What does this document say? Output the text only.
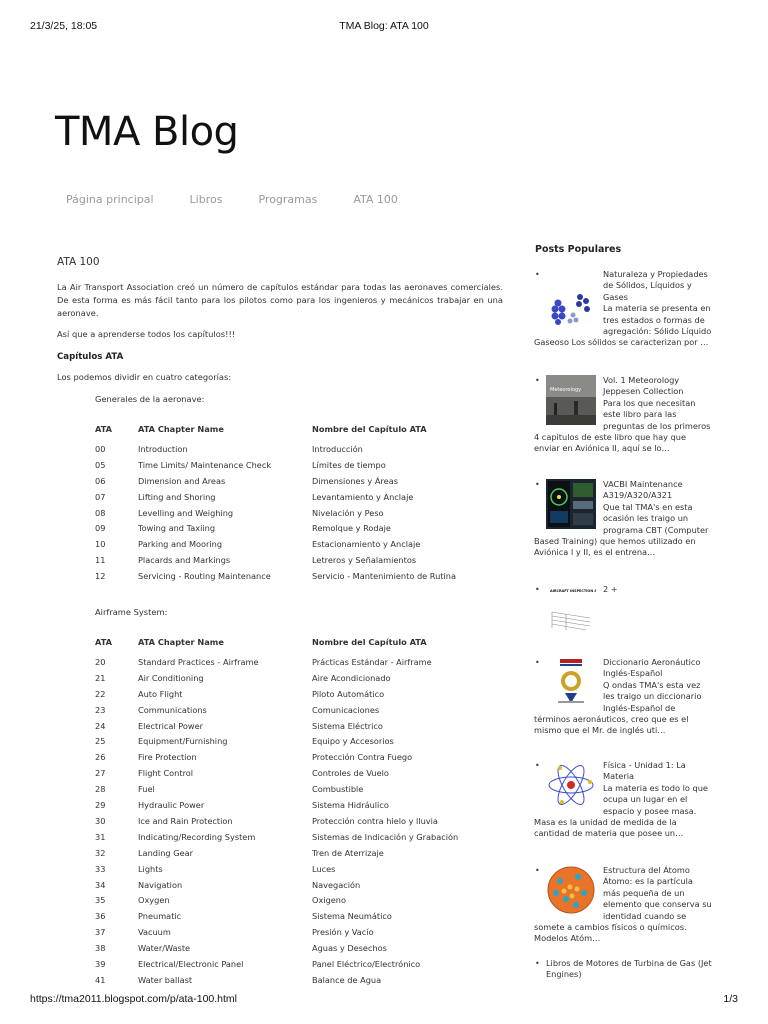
21/3/25, 18:05	TMA Blog: ATA 100
TMA Blog
Página principal	Libros	Programas	ATA 100
ATA 100

La Air Transport Association creó un número de capítulos estándar para todas las aeronaves comerciales. De esta forma es más fácil tanto para los pilotos como para los ingenieros y mecánicos trabajar en una aeronave.

Así que a aprenderse todos los capítulos!!!

Capítulos ATA

Los podemos dividir en cuatro categorías:

Generales de la aeronave:
ATA	ATA Chapter Name	Nombre del Capítulo ATA
00	Introduction	Introducción
05	Time Limits/ Maintenance Check	Límites de tiempo
06	Dimension and Areas	Dimensiones y Áreas
07	Lifting and Shoring	Levantamiento y Anclaje
08	Levelling and Weighing	Nivelación y Peso
09	Towing and Taxiing	Remolque y Rodaje
10	Parking and Mooring	Estacionamiento y Anclaje
11	Placards and Markings	Letreros y Señalamientos
12	Servicing - Routing Maintenance	Servicio - Mantenimiento de Rutina
Airframe System:
ATA	ATA Chapter Name	Nombre del Capítulo ATA
20	Standard Practices - Airframe	Prácticas Estándar - Airframe
21	Air Conditioning	Aire Acondicionado
22	Auto Flight	Piloto Automático
23	Communications	Comunicaciones
24	Electrical Power	Sistema Eléctrico
25	Equipment/Furnishing	Equipo y Accesorios
26	Fire Protection	Protección Contra Fuego
27	Flight Control	Controles de Vuelo
28	Fuel	Combustible
29	Hydraulic Power	Sistema Hidráulico
30	Ice and Rain Protection	Protección contra hielo y lluvia
31	Indicating/Recording System	Sistemas de Indicación y Grabación
32	Landing Gear	Tren de Aterrizaje
33	Lights	Luces
34	Navigation	Navegación
35	Oxygen	Oxigeno
36	Pneumatic	Sistema Neumático
37	Vacuum	Presión y Vacío
38	Water/Waste	Aguas y Desechos
39	Electrical/Electronic Panel	Panel Eléctrico/Electrónico
41	Water ballast	Balance de Agua
Posts Populares
•	Naturaleza y Propiedades de Sólidos, Líquidos y Gases
La materia se presenta en tres estados o formas de agregación: Sólido Líquido Gaseoso Los sólidos se caracterizan por …
•
Meteorology
Vol. 1 Meteorology Jeppesen Collection
Para los que necesitan este libro para las preguntas de los primeros 4 capitulos de este libro que hay que enviar en Aviónica II, aquí se lo…
•	VACBI Maintenance A319/A320/A321
Que tal TMA's en esta ocasión les traigo un programa CBT (Computer Based Training) que hemos utilizado en Aviónica I y II, es el entrena…
•	AIRCRAFT INSPECTION	2 +
•	Diccionario Aeronáutico Inglés-Español
Q ondas TMA's esta vez les traigo un diccionario Inglés-Español de términos aeronáuticos, creo que es el mismo que el Mr. de inglés uti…
•	Física - Unidad 1: La Materia
La materia es todo lo que ocupa un lugar en el espacio y posee masa. Masa es la unidad de medida de la cantidad de materia que posee un…
•	Estructura del Átomo
Átomo: es la partícula más pequeña de un elemento que conserva su identidad cuando se somete a cambios físicos o químicos. Modelos Atóm…
• Libros de Motores de Turbina de Gas (Jet Engines)
https://tma2011.blogspot.com/p/ata-100.html	1/3
